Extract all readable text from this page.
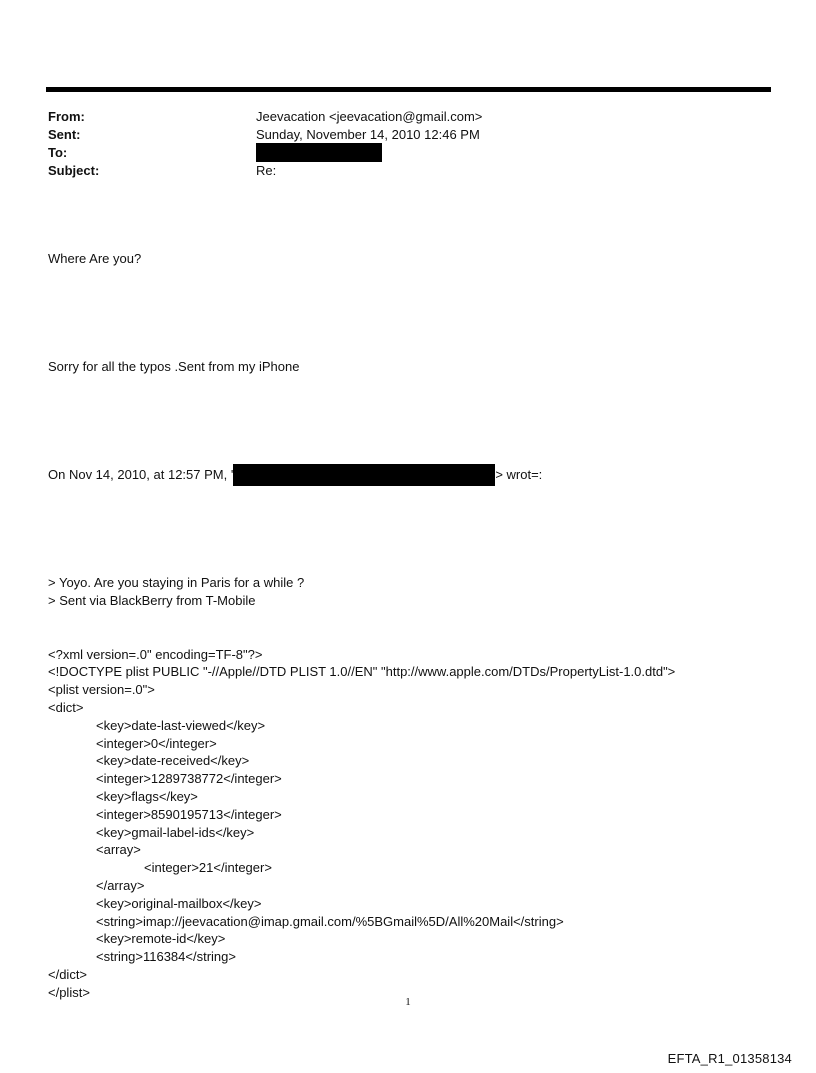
From:	Jeevacation <jeevacation@gmail.com>
Sent:	Sunday, November 14, 2010 12:46 PM
To:
Subject:	Re:

Where Are you?

Sorry for all the typos .Sent from my iPhone

On Nov 14, 2010, at 12:57 PM, '	> wrot=:

> Yoyo. Are you staying in Paris for a while ?
> Sent via BlackBerry from T-Mobile

<?xml version=.0" encoding=TF-8"?>
<!DOCTYPE plist PUBLIC "-//Apple//DTD PLIST 1.0//EN" "http://www.apple.com/DTDs/PropertyList-1.0.dtd">
<plist version=.0">
<dict>
<key>date-last-viewed</key>
<integer>0</integer>
<key>date-received</key>
<integer>1289738772</integer>
<key>flags</key>
<integer>8590195713</integer>
<key>gmail-label-ids</key>
<array>
<integer>21</integer>
</array>
<key>original-mailbox</key>
<string>imap://jeevacation@imap.gmail.com/%5BGmail%5D/All%20Mail</string>
<key>remote-id</key>
<string>116384</string>
</dict>
</plist>

1
EFTA_R1_01358134
